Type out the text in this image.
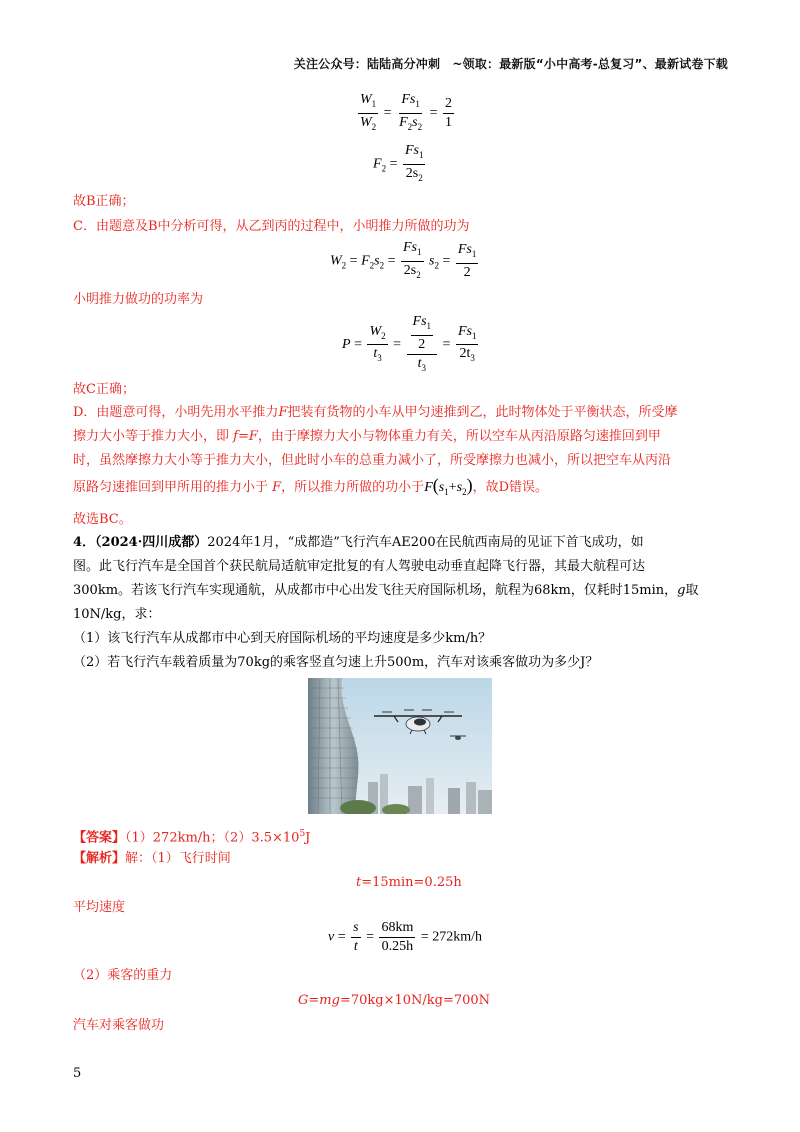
关注公众号：陆陆高分冲刺　~领取：最新版“小中高考-总复习”、最新试卷下载
$\frac{W_1}{W_2} = \frac{Fs_1}{F_2s_2} = \frac{2}{1}$
$F_2 = \frac{Fs_1}{2s_2}$
故B正确；
C．由题意及B中分析可得，从乙到丙的过程中，小明推力所做的功为
$W_2 = F_2s_2 = \frac{Fs_1}{2s_2} s_2 = \frac{Fs_1}{2}$
小明推力做功的功率为
$P = \frac{W_2}{t_3} = \frac{\frac{Fs_1}{2}}{t_3} = \frac{Fs_1}{2t_3}$
故C正确；
D．由题意可得，小明先用水平推力F把装有货物的小车从甲匀速推到乙，此时物体处于平衡状态，所受摩
擦力大小等于推力大小，即 f=F，由于摩擦力大小与物体重力有关，所以空车从丙沿原路匀速推回到甲
时，虽然摩擦力大小等于推力大小，但此时小车的总重力减小了，所受摩擦力也减小，所以把空车从丙沿
原路匀速推回到甲所用的推力小于 F，所以推力所做的功小于$F(s_1+s_2)$，故D错误。
故选BC。
4．（2024·四川成都）2024年1月，“成都造”飞行汽车AE200在民航西南局的见证下首飞成功，如
图。此飞行汽车是全国首个获民航局适航审定批复的有人驾驶电动垂直起降飞行器，其最大航程可达
300km。若该飞行汽车实现通航，从成都市中心出发飞往天府国际机场，航程为68km，仅耗时15min，g取
10N/kg，求：
（1）该飞行汽车从成都市中心到天府国际机场的平均速度是多少km/h？
（2）若飞行汽车载着质量为70kg的乘客竖直匀速上升500m，汽车对该乘客做功为多少J？
【答案】（1）272km/h；$(2)3.5\times 10^5J$
【解析】解：（1）飞行时间
t=15min=0.25h
平均速度
$v = \frac{s}{t} = \frac{68km}{0.25h} = 272km/h$
（2）乘客的重力
G=mg=70kg×10N/kg=700N
汽车对乘客做功
5
